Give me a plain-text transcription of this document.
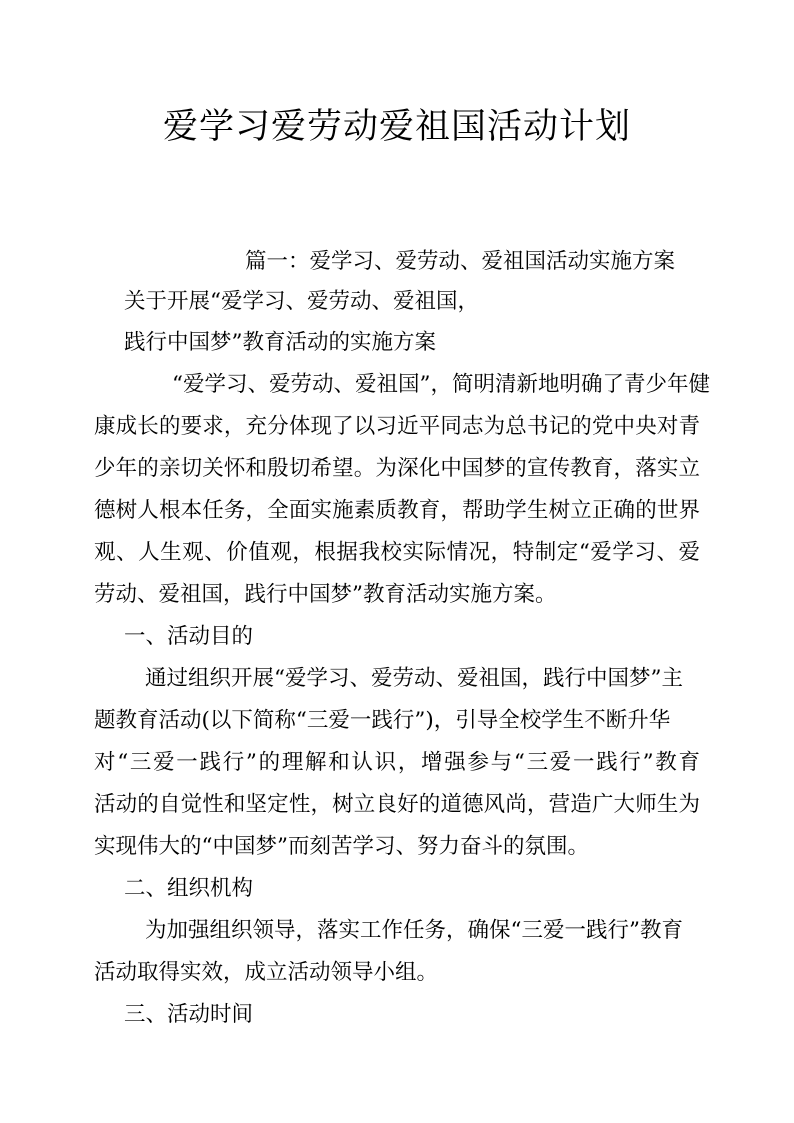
爱学习爱劳动爱祖国活动计划

篇一：爱学习、爱劳动、爱祖国活动实施方案

关于开展“爱学习、爱劳动、爱祖国，

践行中国梦”教育活动的实施方案

“爱学习、爱劳动、爱祖国”，简明清新地明确了青少年健

康成长的要求，充分体现了以习近平同志为总书记的党中央对青

少年的亲切关怀和殷切希望。为深化中国梦的宣传教育，落实立

德树人根本任务，全面实施素质教育，帮助学生树立正确的世界

观、人生观、价值观，根据我校实际情况，特制定“爱学习、爱

劳动、爱祖国，践行中国梦”教育活动实施方案。

一、活动目的

通过组织开展“爱学习、爱劳动、爱祖国，践行中国梦”主

题教育活动(以下简称“三爱一践行”)，引导全校学生不断升华

对“三爱一践行”的理解和认识，增强参与“三爱一践行”教育

活动的自觉性和坚定性，树立良好的道德风尚，营造广大师生为

实现伟大的“中国梦”而刻苦学习、努力奋斗的氛围。

二、组织机构

为加强组织领导，落实工作任务，确保“三爱一践行”教育

活动取得实效，成立活动领导小组。

三、活动时间
